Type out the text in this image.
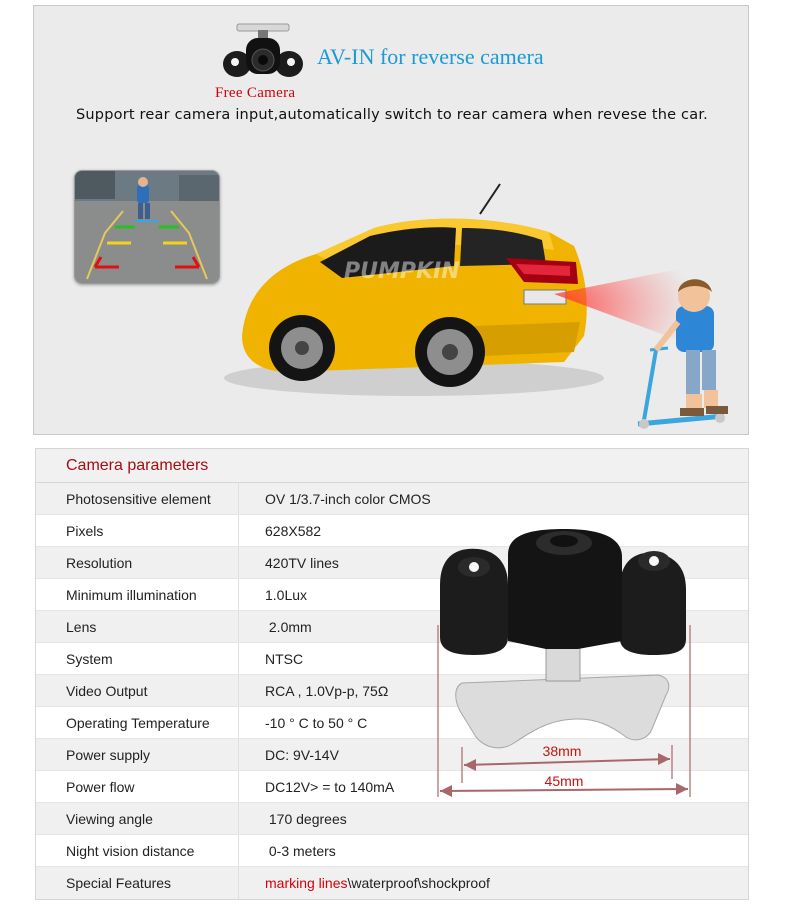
Free Camera
AV-IN for reverse camera
Support rear camera input,automatically switch to rear camera when revese the car.
PUMPKIN
Camera parameters
Photosensitive element	OV 1/3.7-inch color CMOS
Pixels	628X582
Resolution	420TV lines
Minimum illumination	1.0Lux
Lens	2.0mm
System	NTSC
Video Output	RCA , 1.0Vp-p, 75Ω
Operating Temperature	-10 ° C to 50 ° C
Power supply	DC: 9V-14V
Power flow	DC12V> = to 140mA
Viewing angle	170 degrees
Night vision distance	0-3 meters
Special Features	marking lines \waterproof\shockproof
38mm
45mm
